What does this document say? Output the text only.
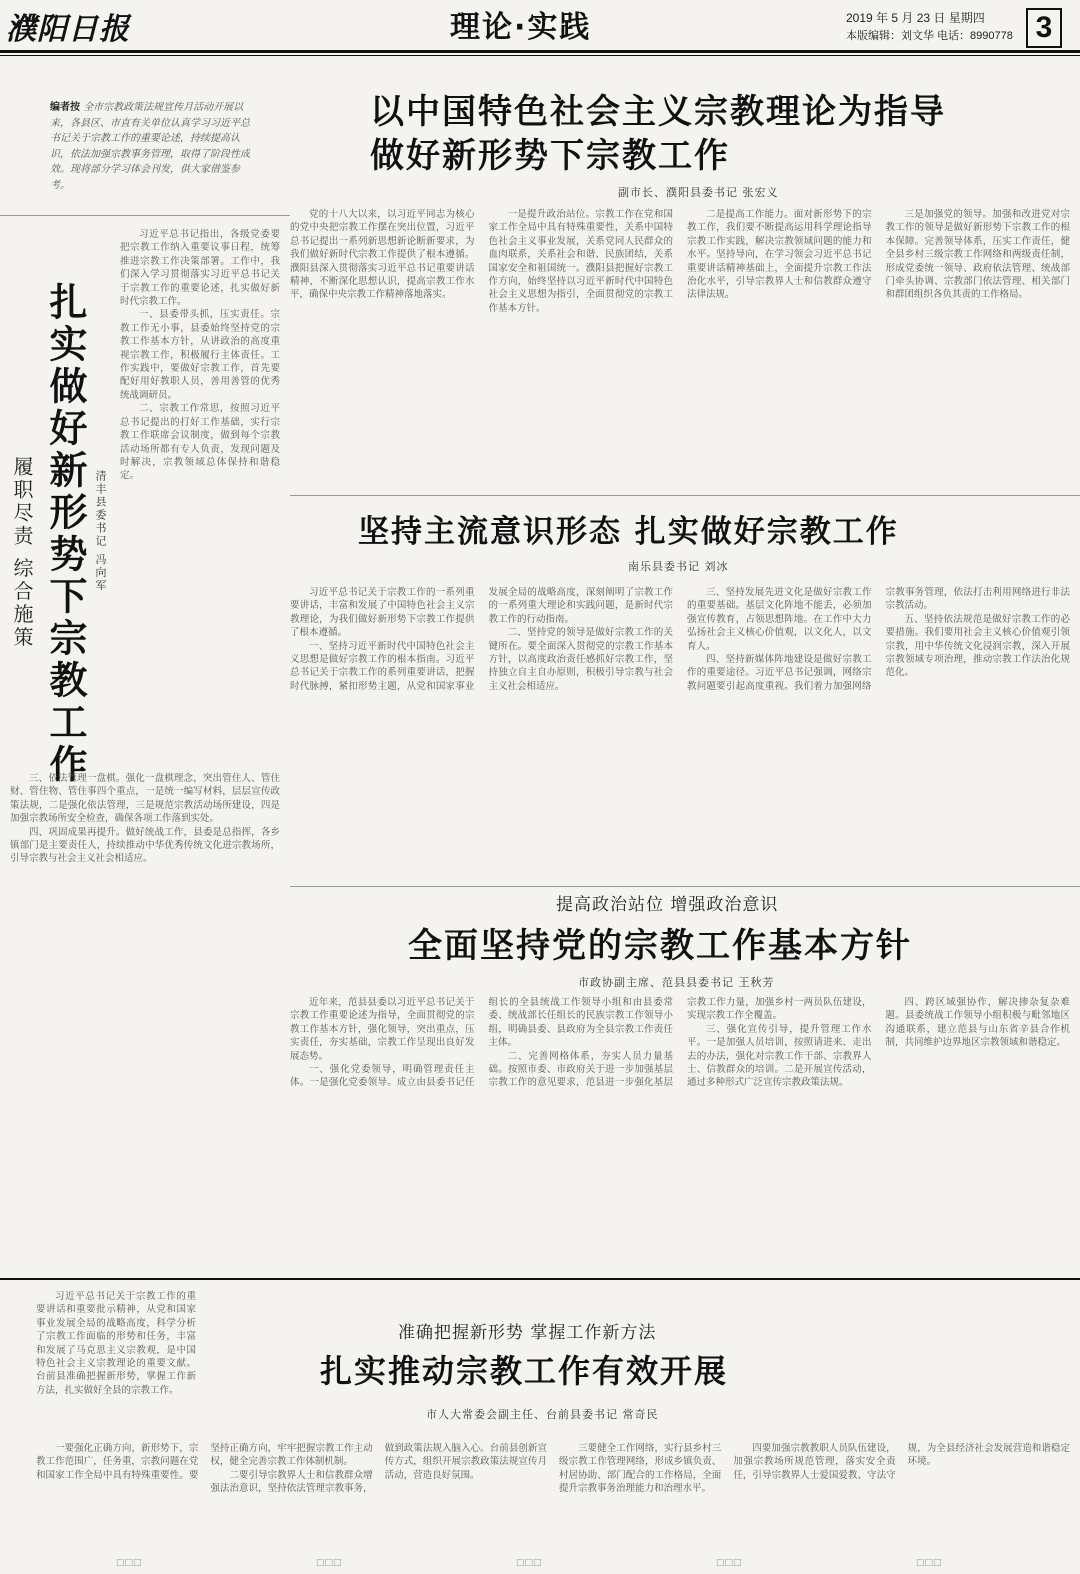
濮阳日报	理论·实践	2019 年 5 月 23 日 星期四
本版编辑：刘文华 电话：8990778 3
编者按 全市宗教政策法规宣传月活动开展以来，各县区、市直有关单位认真学习习近平总书记关于宗教工作的重要论述，持续提高认识，依法加强宗教事务管理，取得了阶段性成效。现将部分学习体会刊发，供大家借鉴参考。
以中国特色社会主义宗教理论为指导
做好新形势下宗教工作
副市长、濮阳县委书记 张宏义

党的十八大以来，以习近平同志为核心的党中央把宗教工作摆在突出位置，习近平总书记提出一系列新思想新论断新要求，为我们做好新时代宗教工作提供了根本遵循。濮阳县深入贯彻落实习近平总书记重要讲话精神，不断深化思想认识，提高宗教工作水平，确保中央宗教工作精神落地落实。

一是提升政治站位。宗教工作在党和国家工作全局中具有特殊重要性，关系中国特色社会主义事业发展，关系党同人民群众的血肉联系，关系社会和谐、民族团结，关系国家安全和祖国统一。濮阳县把握好宗教工作方向，始终坚持以习近平新时代中国特色社会主义思想为指引，全面贯彻党的宗教工作基本方针。

二是提高工作能力。面对新形势下的宗教工作，我们要不断提高运用科学理论指导宗教工作实践，解决宗教领域问题的能力和水平。坚持导向，在学习领会习近平总书记重要讲话精神基础上，全面提升宗教工作法治化水平，引导宗教界人士和信教群众遵守法律法规。

三是加强党的领导。加强和改进党对宗教工作的领导是做好新形势下宗教工作的根本保障。完善领导体系，压实工作责任，健全县乡村三级宗教工作网络和两级责任制，形成党委统一领导、政府依法管理、统战部门牵头协调、宗教部门依法管理、相关部门和群团组织各负其责的工作格局。

扎实做好新形势下宗教工作
履职尽责 综合施策	清丰县委书记 冯向军

习近平总书记指出，各级党委要把宗教工作纳入重要议事日程，统筹推进宗教工作决策部署。工作中，我们深入学习贯彻落实习近平总书记关于宗教工作的重要论述，扎实做好新时代宗教工作。

一、县委带头抓，压实责任。宗教工作无小事，县委始终坚持党的宗教工作基本方针，从讲政治的高度重视宗教工作，积极履行主体责任。工作实践中，要做好宗教工作，首先要配好用好教职人员，善用善管的优秀统战调研员。

二、宗教工作常思，按照习近平总书记提出的打好工作基础，实行宗教工作联席会议制度，做到每个宗教活动场所都有专人负责，发现问题及时解决，宗教领域总体保持和谐稳定。

三、依法管理一盘棋。强化一盘棋理念，突出管住人、管住财、管住物、管住事四个重点，一是统一编写材料，层层宣传政策法规，二是强化依法管理，三是规范宗教活动场所建设，四是加强宗教场所安全检查，确保各项工作落到实处。

四、巩固成果再提升。做好统战工作，县委是总指挥，各乡镇部门是主要责任人，持续推动中华优秀传统文化进宗教场所，引导宗教与社会主义社会相适应。

坚持主流意识形态 扎实做好宗教工作
南乐县委书记 刘冰

习近平总书记关于宗教工作的一系列重要讲话，丰富和发展了中国特色社会主义宗教理论，为我们做好新形势下宗教工作提供了根本遵循。

一、坚持习近平新时代中国特色社会主义思想是做好宗教工作的根本指南。习近平总书记关于宗教工作的系列重要讲话，把握时代脉搏，紧扣形势主题，从党和国家事业发展全局的战略高度，深刻阐明了宗教工作的一系列重大理论和实践问题，是新时代宗教工作的行动指南。

二、坚持党的领导是做好宗教工作的关键所在。要全面深入贯彻党的宗教工作基本方针，以高度政治责任感抓好宗教工作，坚持独立自主自办原则，积极引导宗教与社会主义社会相适应。

三、坚持发展先进文化是做好宗教工作的重要基础。基层文化阵地不能丢，必须加强宣传教育，占领思想阵地。在工作中大力弘扬社会主义核心价值观，以文化人，以文育人。

四、坚持新媒体阵地建设是做好宗教工作的重要途径。习近平总书记强调，网络宗教问题要引起高度重视。我们着力加强网络宗教事务管理，依法打击利用网络进行非法宗教活动。

五、坚持依法规范是做好宗教工作的必要措施。我们要用社会主义核心价值观引领宗教，用中华传统文化浸润宗教，深入开展宗教领域专项治理，推动宗教工作法治化规范化。

提高政治站位 增强政治意识
全面坚持党的宗教工作基本方针
市政协副主席、范县县委书记 王秋芳

近年来，范县县委以习近平总书记关于宗教工作重要论述为指导，全面贯彻党的宗教工作基本方针，强化领导，突出重点，压实责任，夯实基础，宗教工作呈现出良好发展态势。

一、强化党委领导，明确管理责任主体。一是强化党委领导。成立由县委书记任组长的全县统战工作领导小组和由县委常委、统战部长任组长的民族宗教工作领导小组，明确县委、县政府为全县宗教工作责任主体。

二、完善网格体系，夯实人员力量基础。按照市委、市政府关于进一步加强基层宗教工作的意见要求，范县进一步强化基层宗教工作力量，加强乡村一两员队伍建设，实现宗教工作全覆盖。

三、强化宣传引导，提升管理工作水平。一是加强人员培训，按照请进来、走出去的办法，强化对宗教工作干部、宗教界人士、信教群众的培训。二是开展宣传活动，通过多种形式广泛宣传宗教政策法规。

四、跨区域强协作，解决掺杂复杂难题。县委统战工作领导小组积极与毗邻地区沟通联系，建立范县与山东省辛县合作机制，共同维护边界地区宗教领域和谐稳定。

准确把握新形势 掌握工作新方法
扎实推动宗教工作有效开展
市人大常委会副主任、台前县委书记 常奇民

习近平总书记关于宗教工作的重要讲话和重要批示精神，从党和国家事业发展全局的战略高度，科学分析了宗教工作面临的形势和任务，丰富和发展了马克思主义宗教观，是中国特色社会主义宗教理论的重要文献。台前县准确把握新形势，掌握工作新方法，扎实做好全县的宗教工作。

一要强化正确方向，新形势下，宗教工作范围广，任务重，宗教问题在党和国家工作全局中具有特殊重要性。要坚持正确方向，牢牢把握宗教工作主动权，健全完善宗教工作体制机制。

二要引导宗教界人士和信教群众增强法治意识，坚持依法管理宗教事务，做到政策法规入脑入心。台前县创新宣传方式，组织开展宗教政策法规宣传月活动，营造良好氛围。

三要健全工作网络，实行县乡村三级宗教工作管理网络，形成乡镇负责、村居协助、部门配合的工作格局，全面提升宗教事务治理能力和治理水平。

四要加强宗教教职人员队伍建设，加强宗教场所规范管理，落实安全责任，引导宗教界人士爱国爱教、守法守规，为全县经济社会发展营造和谐稳定环境。

□□□	□□□	□□□	□□□	□□□
